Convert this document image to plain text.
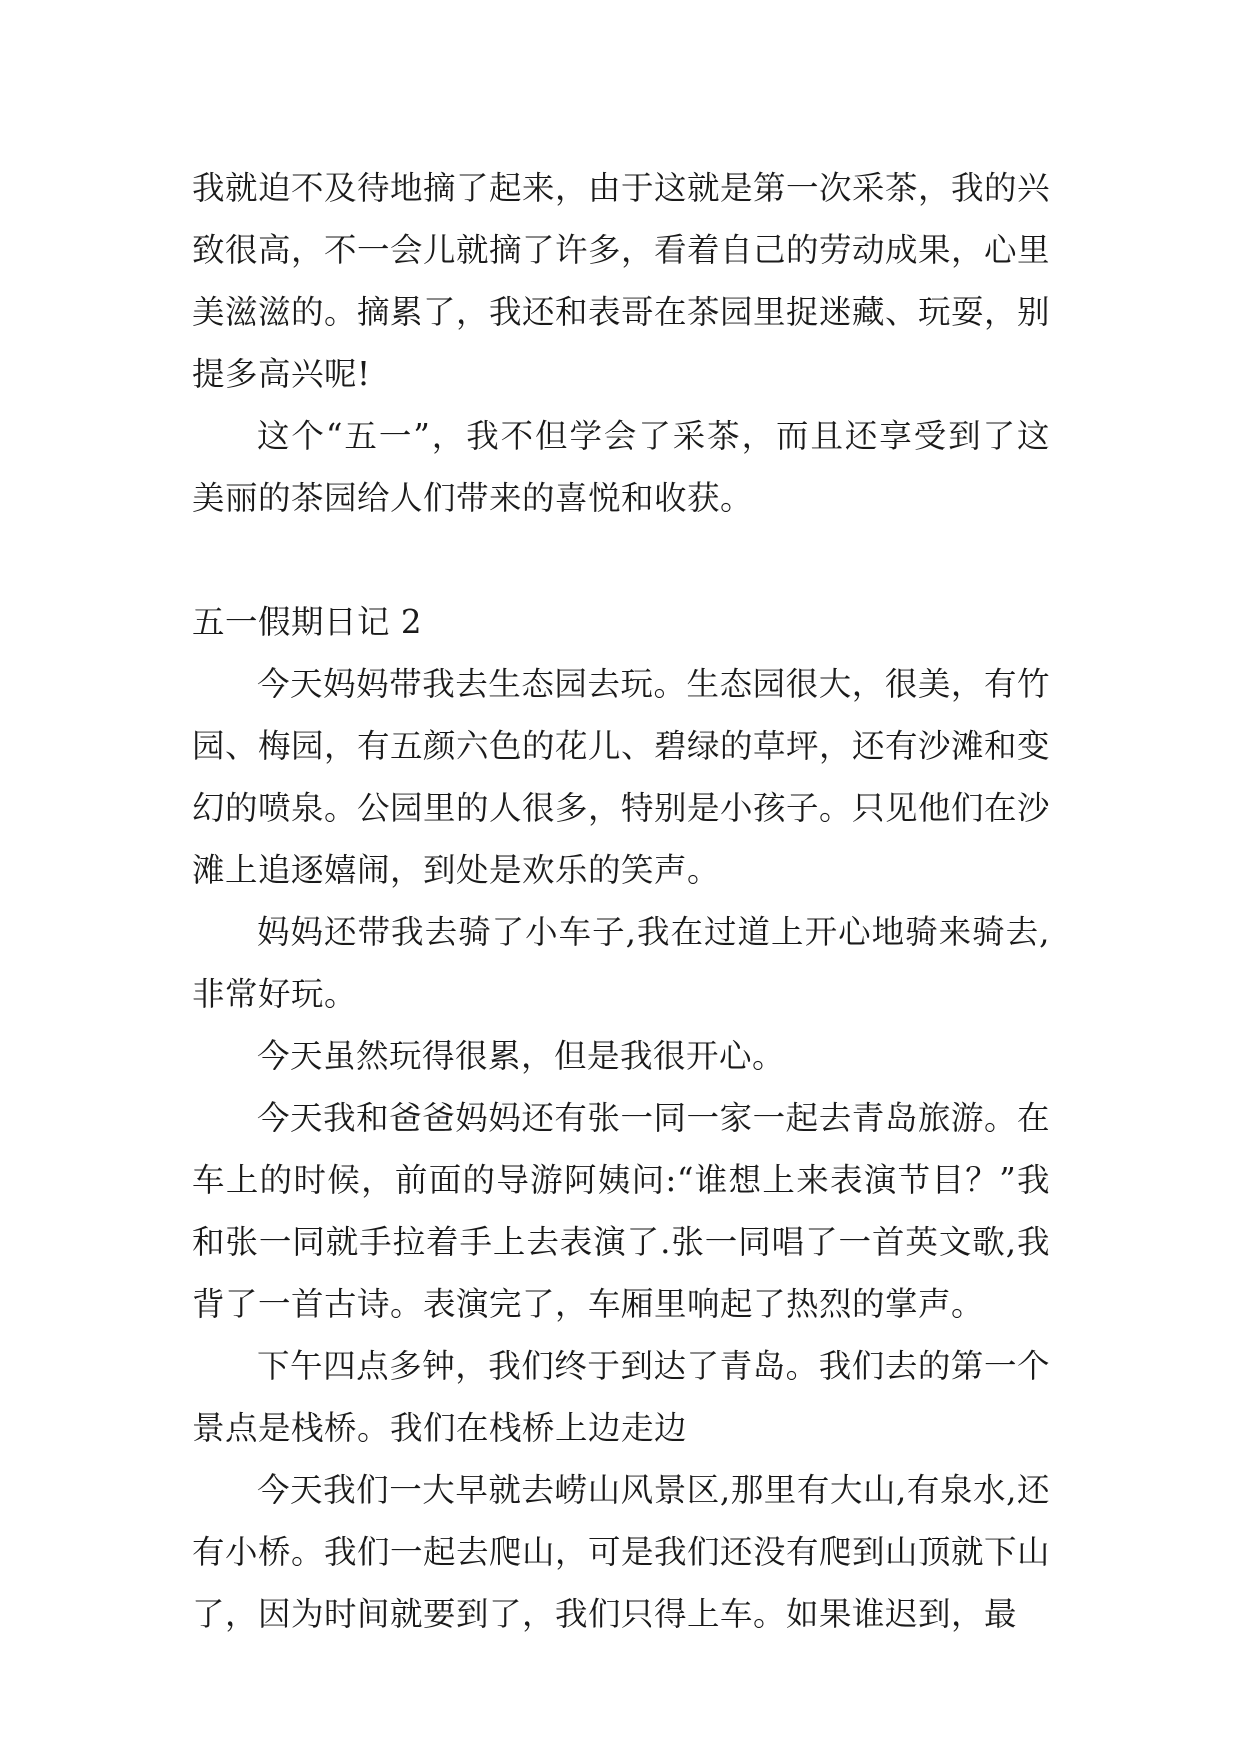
我就迫不及待地摘了起来，由于这就是第一次采茶，我的兴致很高，不一会儿就摘了许多，看着自己的劳动成果，心里美滋滋的。摘累了，我还和表哥在茶园里捉迷藏、玩耍，别提多高兴呢!

这个“五一”，我不但学会了采茶，而且还享受到了这美丽的茶园给人们带来的喜悦和收获。

五一假期日记 2

今天妈妈带我去生态园去玩。生态园很大，很美，有竹园、梅园，有五颜六色的花儿、碧绿的草坪，还有沙滩和变幻的喷泉。公园里的人很多，特别是小孩子。只见他们在沙滩上追逐嬉闹，到处是欢乐的笑声。

妈妈还带我去骑了小车子,我在过道上开心地骑来骑去,非常好玩。

今天虽然玩得很累，但是我很开心。

今天我和爸爸妈妈还有张一同一家一起去青岛旅游。在车上的时候，前面的导游阿姨问:“谁想上来表演节目？”我和张一同就手拉着手上去表演了.张一同唱了一首英文歌,我背了一首古诗。表演完了，车厢里响起了热烈的掌声。

下午四点多钟，我们终于到达了青岛。我们去的第一个景点是栈桥。我们在栈桥上边走边

今天我们一大早就去崂山风景区,那里有大山,有泉水,还有小桥。我们一起去爬山，可是我们还没有爬到山顶就下山了，因为时间就要到了，我们只得上车。如果谁迟到，最
